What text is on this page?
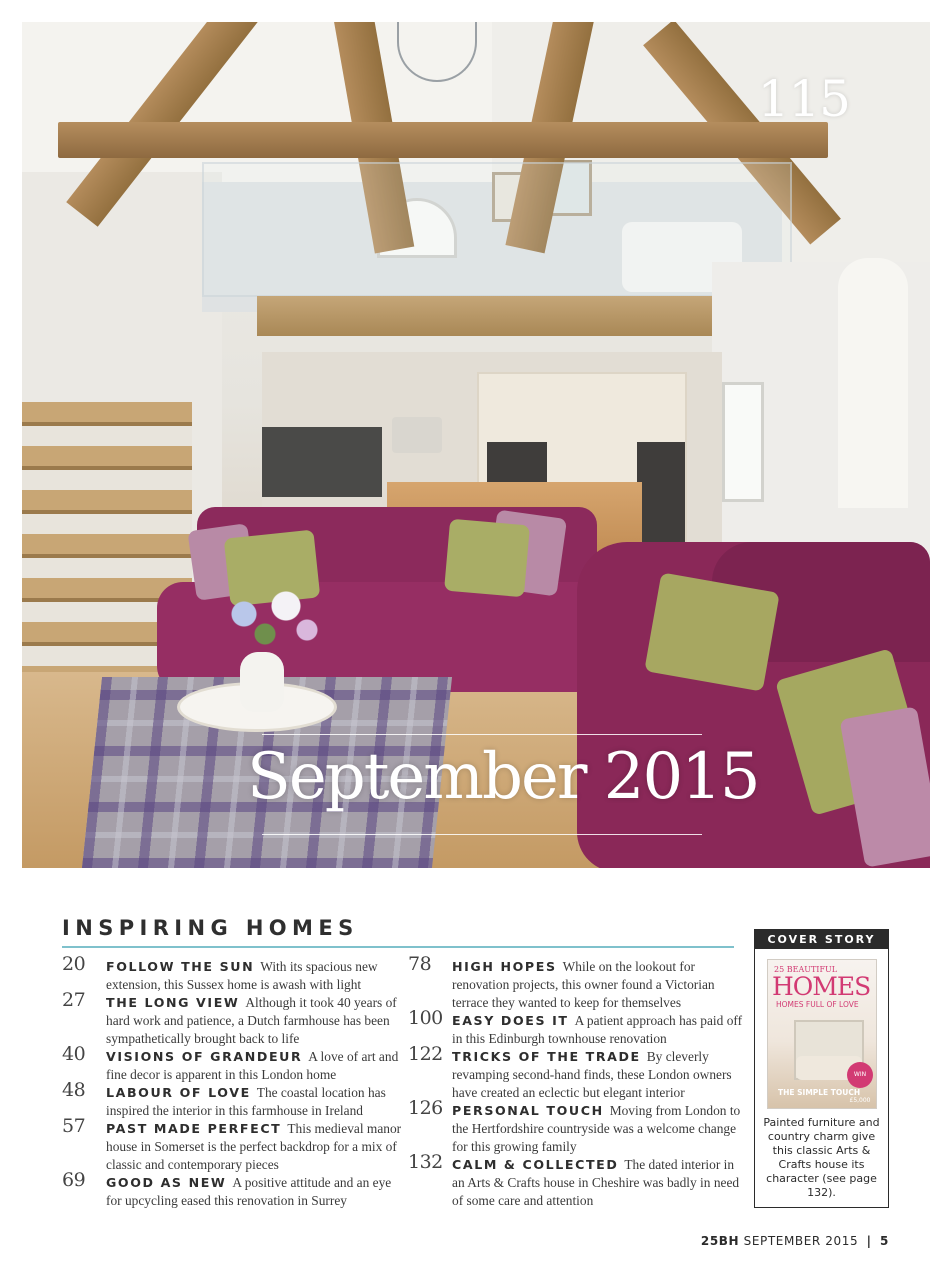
115
September 2015
INSPIRING HOMES
20 FOLLOW THE SUN With its spacious new extension, this Sussex home is awash with light
27 THE LONG VIEW Although it took 40 years of hard work and patience, a Dutch farmhouse has been sympathetically brought back to life
40 VISIONS OF GRANDEUR A love of art and fine decor is apparent in this London home
48 LABOUR OF LOVE The coastal location has inspired the interior in this farmhouse in Ireland
57 PAST MADE PERFECT This medieval manor house in Somerset is the perfect backdrop for a mix of classic and contemporary pieces
69 GOOD AS NEW A positive attitude and an eye for upcycling eased this renovation in Surrey
78 HIGH HOPES While on the lookout for renovation projects, this owner found a Victorian terrace they wanted to keep for themselves
100 EASY DOES IT A patient approach has paid off in this Edinburgh townhouse renovation
122 TRICKS OF THE TRADE By cleverly revamping second-hand finds, these London owners have created an eclectic but elegant interior
126 PERSONAL TOUCH Moving from London to the Hertfordshire countryside was a welcome change for this growing family
132 CALM & COLLECTED The dated interior in an Arts & Crafts house in Cheshire was badly in need of some care and attention
COVER STORY
25 BEAUTIFUL
HOMES
HOMES FULL OF LOVE
WIN £5,000
THE SIMPLE TOUCH
Painted furniture and country charm give this classic Arts & Crafts house its character (see page 132).
25BH SEPTEMBER 2015 | 5
